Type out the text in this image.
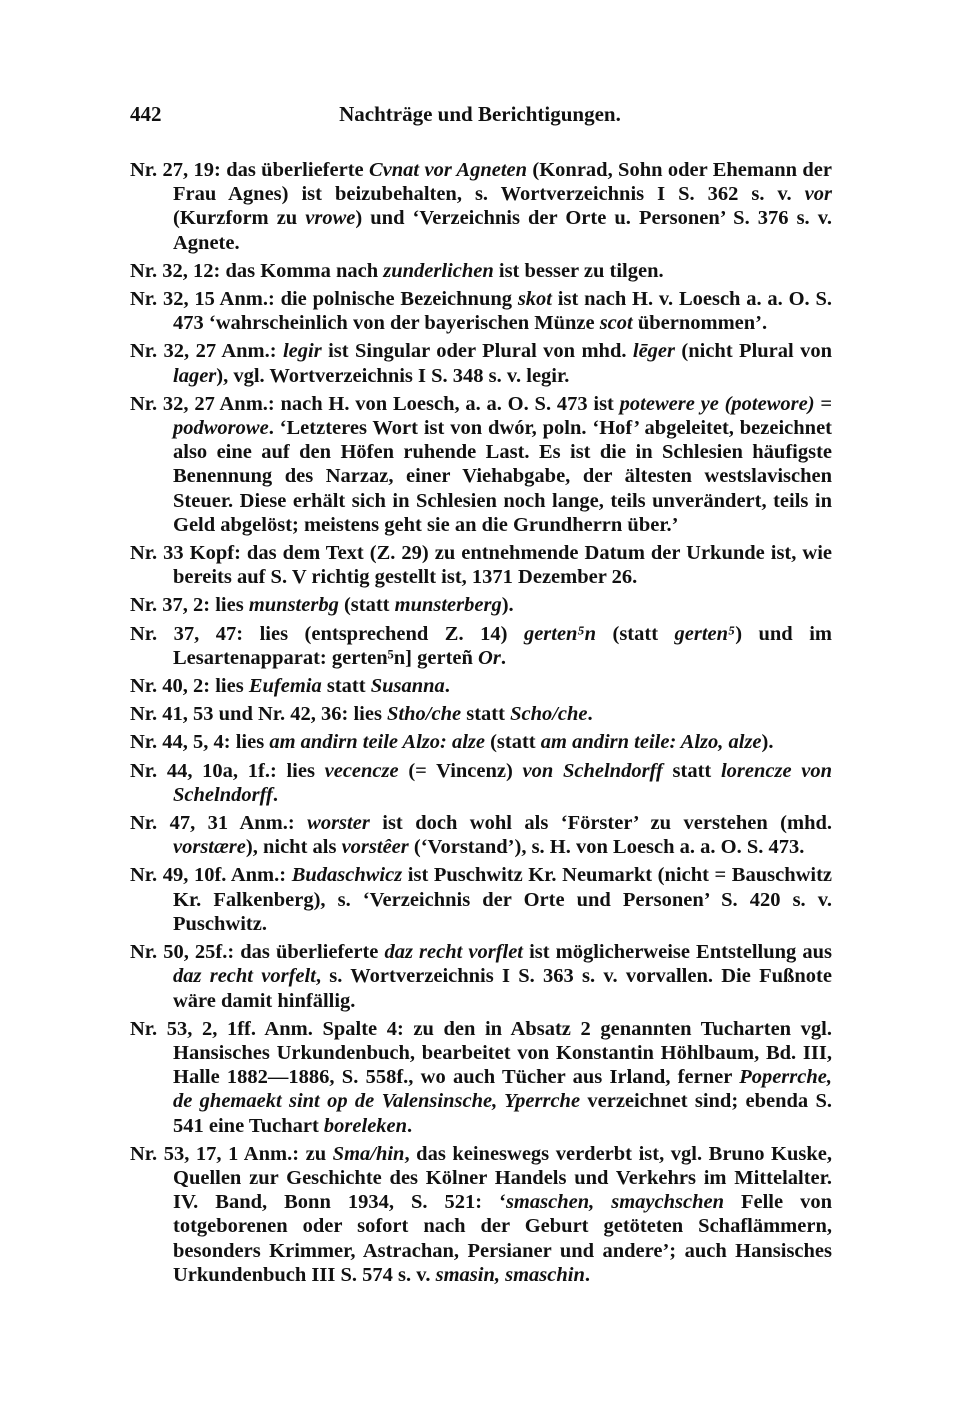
442	Nachträge und Berichtigungen.

Nr. 27, 19: das überlieferte Cvnat vor Agneten (Konrad, Sohn oder Ehemann der Frau Agnes) ist beizubehalten, s. Wortverzeichnis I S. 362 s. v. vor (Kurzform zu vrowe) und ‘Verzeichnis der Orte u. Personen’ S. 376 s. v. Agnete.

Nr. 32, 12: das Komma nach zunderlichen ist besser zu tilgen.

Nr. 32, 15 Anm.: die polnische Bezeichnung skot ist nach H. v. Loesch a. a. O. S. 473 ‘wahrscheinlich von der bayerischen Münze scot übernommen’.

Nr. 32, 27 Anm.: legir ist Singular oder Plural von mhd. lēger (nicht Plural von lager), vgl. Wortverzeichnis I S. 348 s. v. legir.

Nr. 32, 27 Anm.: nach H. von Loesch, a. a. O. S. 473 ist potewere ye (potewore) = podworowe. ‘Letzteres Wort ist von dwór, poln. ‘Hof’ abgeleitet, bezeichnet also eine auf den Höfen ruhende Last. Es ist die in Schlesien häufigste Benennung des Narzaz, einer Viehabgabe, der ältesten westslavischen Steuer. Diese erhält sich in Schlesien noch lange, teils unverändert, teils in Geld abgelöst; meistens geht sie an die Grundherrn über.’

Nr. 33 Kopf: das dem Text (Z. 29) zu entnehmende Datum der Urkunde ist, wie bereits auf S. V richtig gestellt ist, 1371 Dezember 26.

Nr. 37, 2: lies munsterbg (statt munsterberg).

Nr. 37, 47: lies (entsprechend Z. 14) gerten⁵n (statt gerten⁵) und im Lesartenapparat: gerten⁵n] gerteñ Or.

Nr. 40, 2: lies Eufemia statt Susanna.

Nr. 41, 53 und Nr. 42, 36: lies Stho/che statt Scho/che.

Nr. 44, 5, 4: lies am andirn teile Alzo: alze (statt am andirn teile: Alzo, alze).

Nr. 44, 10a, 1f.: lies vecencze (= Vincenz) von Schelndorff statt lorencze von Schelndorff.

Nr. 47, 31 Anm.: worster ist doch wohl als ‘Förster’ zu verstehen (mhd. vorstære), nicht als vorstêer (‘Vorstand’), s. H. von Loesch a. a. O. S. 473.

Nr. 49, 10f. Anm.: Budaschwicz ist Puschwitz Kr. Neumarkt (nicht = Bauschwitz Kr. Falkenberg), s. ‘Verzeichnis der Orte und Personen’ S. 420 s. v. Puschwitz.

Nr. 50, 25f.: das überlieferte daz recht vorflet ist möglicherweise Entstellung aus daz recht vorfelt, s. Wortverzeichnis I S. 363 s. v. vorvallen. Die Fußnote wäre damit hinfällig.

Nr. 53, 2, 1ff. Anm. Spalte 4: zu den in Absatz 2 genannten Tucharten vgl. Hansisches Urkundenbuch, bearbeitet von Konstantin Höhlbaum, Bd. III, Halle 1882—1886, S. 558f., wo auch Tücher aus Irland, ferner Poperrche, de ghemaekt sint op de Valensinsche, Yperrche verzeichnet sind; ebenda S. 541 eine Tuchart boreleken.

Nr. 53, 17, 1 Anm.: zu Sma/hin, das keineswegs verderbt ist, vgl. Bruno Kuske, Quellen zur Geschichte des Kölner Handels und Verkehrs im Mittelalter. IV. Band, Bonn 1934, S. 521: ‘smaschen, smaychschen Felle von totgeborenen oder sofort nach der Geburt getöteten Schaflämmern, besonders Krimmer, Astrachan, Persianer und andere’; auch Hansisches Urkundenbuch III S. 574 s. v. smasin, smaschin.
